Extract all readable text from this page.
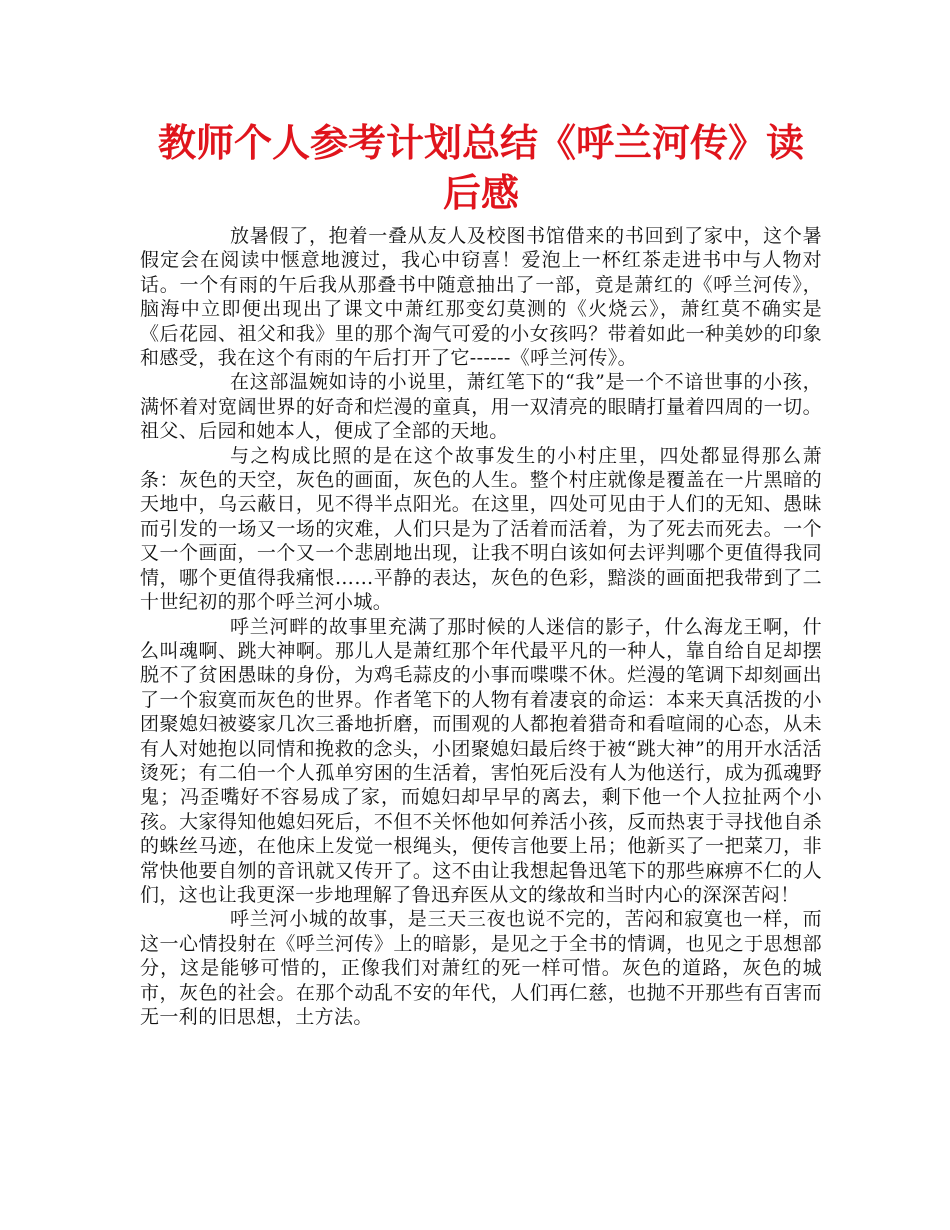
教师个人参考计划总结《呼兰河传》读后感

放暑假了，抱着一叠从友人及校图书馆借来的书回到了家中，这个暑假定会在阅读中惬意地渡过，我心中窃喜！爱泡上一杯红茶走进书中与人物对话。一个有雨的午后我从那叠书中随意抽出了一部，竟是萧红的《呼兰河传》，脑海中立即便出现出了课文中萧红那变幻莫测的《火烧云》，萧红莫不确实是《后花园、祖父和我》里的那个淘气可爱的小女孩吗？带着如此一种美妙的印象和感受，我在这个有雨的午后打开了它------《呼兰河传》。

在这部温婉如诗的小说里，萧红笔下的“我”是一个不谙世事的小孩，满怀着对宽阔世界的好奇和烂漫的童真，用一双清亮的眼睛打量着四周的一切。祖父、后园和她本人，便成了全部的天地。

与之构成比照的是在这个故事发生的小村庄里，四处都显得那么萧条：灰色的天空，灰色的画面，灰色的人生。整个村庄就像是覆盖在一片黑暗的天地中，乌云蔽日，见不得半点阳光。在这里，四处可见由于人们的无知、愚昧而引发的一场又一场的灾难，人们只是为了活着而活着，为了死去而死去。一个又一个画面，一个又一个悲剧地出现，让我不明白该如何去评判哪个更值得我同情，哪个更值得我痛恨……平静的表达，灰色的色彩，黯淡的画面把我带到了二十世纪初的那个呼兰河小城。

呼兰河畔的故事里充满了那时候的人迷信的影子，什么海龙王啊，什么叫魂啊、跳大神啊。那儿人是萧红那个年代最平凡的一种人，靠自给自足却摆脱不了贫困愚昧的身份，为鸡毛蒜皮的小事而喋喋不休。烂漫的笔调下却刻画出了一个寂寞而灰色的世界。作者笔下的人物有着凄哀的命运：本来天真活拨的小团聚媳妇被婆家几次三番地折磨，而围观的人都抱着猎奇和看喧闹的心态，从未有人对她抱以同情和挽救的念头，小团聚媳妇最后终于被“跳大神”的用开水活活烫死；有二伯一个人孤单穷困的生活着，害怕死后没有人为他送行，成为孤魂野鬼；冯歪嘴好不容易成了家，而媳妇却早早的离去，剩下他一个人拉扯两个小孩。大家得知他媳妇死后，不但不关怀他如何养活小孩，反而热衷于寻找他自杀的蛛丝马迹，在他床上发觉一根绳头，便传言他要上吊；他新买了一把菜刀，非常快他要自刎的音讯就又传开了。这不由让我想起鲁迅笔下的那些麻痹不仁的人们，这也让我更深一步地理解了鲁迅弃医从文的缘故和当时内心的深深苦闷！

呼兰河小城的故事，是三天三夜也说不完的，苦闷和寂寞也一样，而这一心情投射在《呼兰河传》上的暗影，是见之于全书的情调，也见之于思想部分，这是能够可惜的，正像我们对萧红的死一样可惜。灰色的道路，灰色的城市，灰色的社会。在那个动乱不安的年代，人们再仁慈，也抛不开那些有百害而无一利的旧思想，土方法。
